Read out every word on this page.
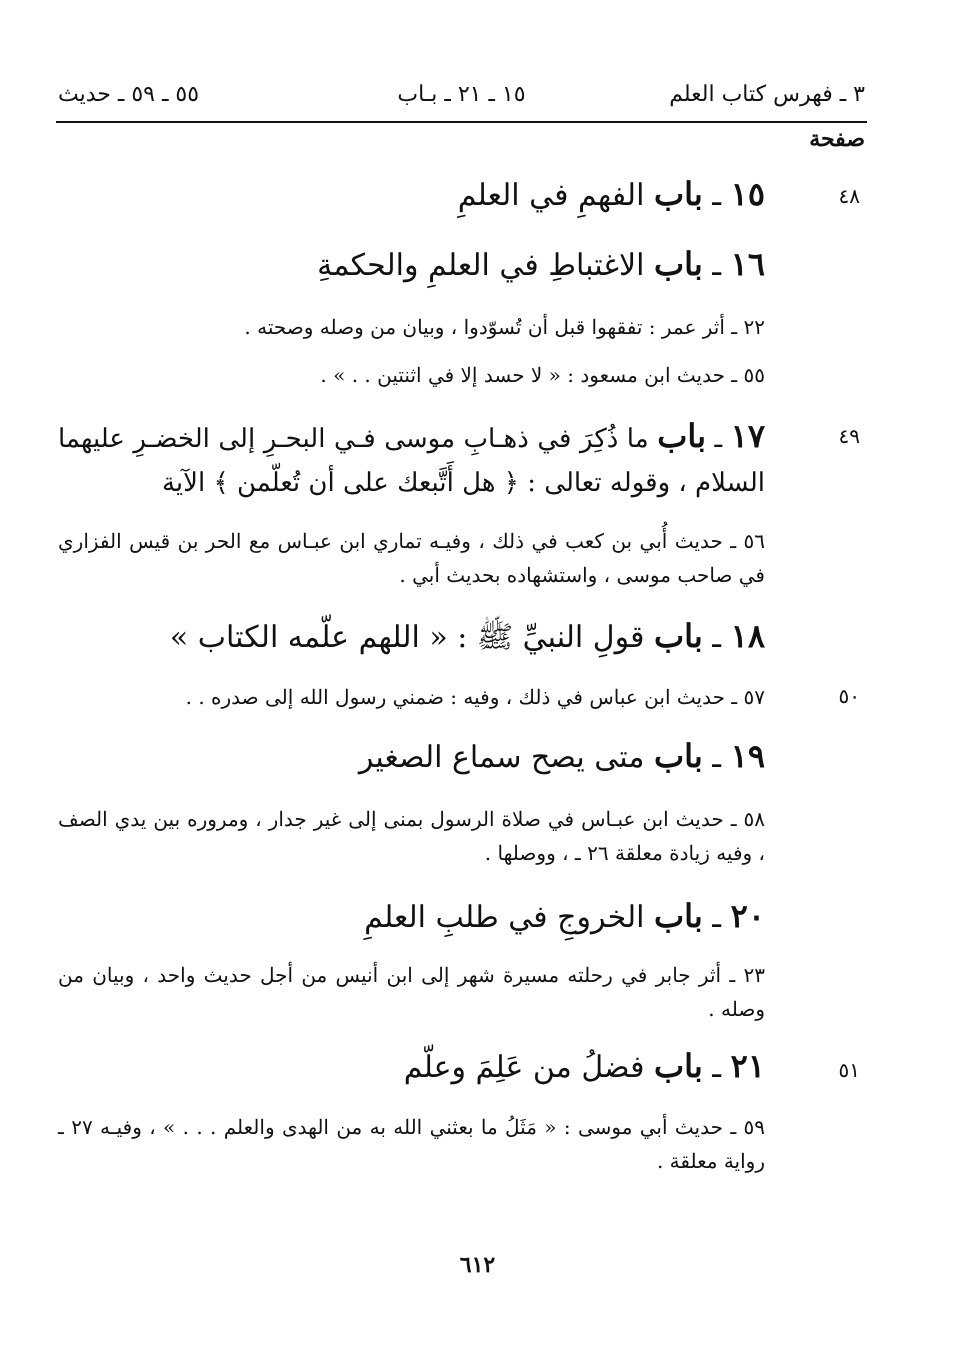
٣ ـ فهرس كتاب العلم
١٥ ـ ٢١ ـ بـاب
٥٥ ـ ٥٩ ـ حديث
صفحة
٤٨
١٥ ـ باب الفهمِ في العلمِ
١٦ ـ باب الاغتباطِ في العلمِ والحكمةِ
٢٢ ـ أثر عمر : تفقهوا قبل أن تُسوّدوا ، وبيان من وصله وصحته .
٥٥ ـ حديث ابن مسعود : « لا حسد إلا في اثنتين . . » .
٤٩
١٧ ـ باب ما ذُكِرَ في ذهـابِ موسى فـي البحـرِ إلى الخضـرِ عليهما السلام ، وقوله تعالى : ﴿ هل أَتَّبعك على أن تُعلّمن ﴾ الآية
٥٦ ـ حديث أُبي بن كعب في ذلك ، وفيـه تماري ابن عبـاس مع الحر بن قيس الفزاري في صاحب موسى ، واستشهاده بحديث أبي .
١٨ ـ باب قولِ النبيِّ ﷺ : « اللهم علّمه الكتاب »
٥٠
٥٧ ـ حديث ابن عباس في ذلك ، وفيه : ضمني رسول الله إلى صدره . .
١٩ ـ باب متى يصح سماع الصغير
٥٨ ـ حديث ابن عبـاس في صلاة الرسول بمنى إلى غير جدار ، ومروره بين يدي الصف ، وفيه زيادة معلقة ٢٦ ـ ، ووصلها .
٢٠ ـ باب الخروجِ في طلبِ العلمِ
٢٣ ـ أثر جابر في رحلته مسيرة شهر إلى ابن أنيس من أجل حديث واحد ، وبيان من وصله .
٥١
٢١ ـ باب فضلُ من عَلِمَ وعلّم
٥٩ ـ حديث أبي موسى : « مَثَلُ ما بعثني الله به من الهدى والعلم . . . » ، وفيـه ٢٧ ـ رواية معلقة .
٦١٢
